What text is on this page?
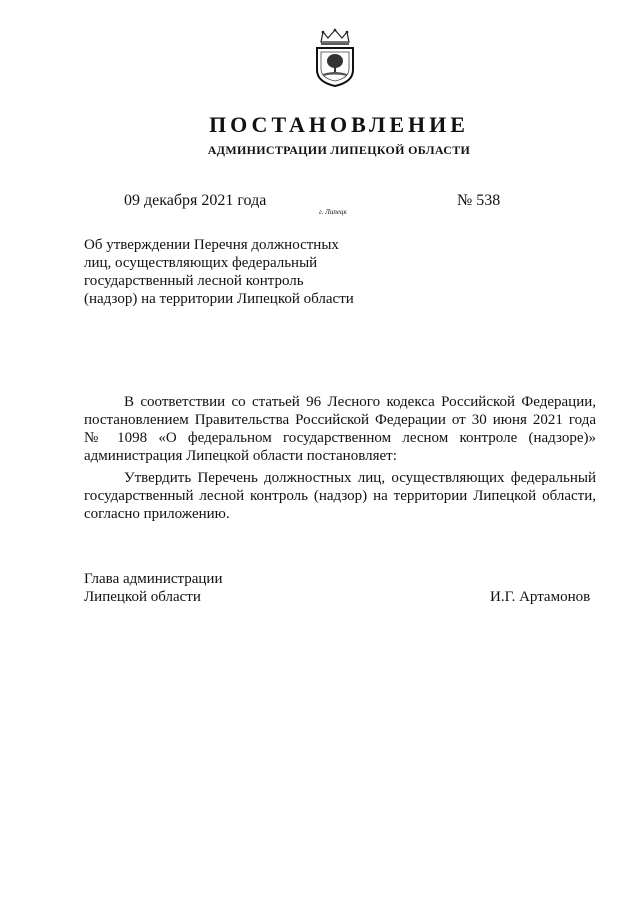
ПОСТАНОВЛЕНИЕ
АДМИНИСТРАЦИИ ЛИПЕЦКОЙ ОБЛАСТИ
09 декабря 2021 года
г. Липецк
№ 538
Об утверждении Перечня должностных
лиц, осуществляющих федеральный
государственный лесной контроль
(надзор) на территории Липецкой области
В соответствии со статьей 96 Лесного кодекса Российской Федерации, постановлением Правительства Российской Федерации от 30 июня 2021 года № 1098 «О федеральном государственном лесном контроле (надзоре)» администрация Липецкой области постановляет:
Утвердить Перечень должностных лиц, осуществляющих федеральный государственный лесной контроль (надзор) на территории Липецкой области, согласно приложению.
Глава администрации
Липецкой области	И.Г. Артамонов
